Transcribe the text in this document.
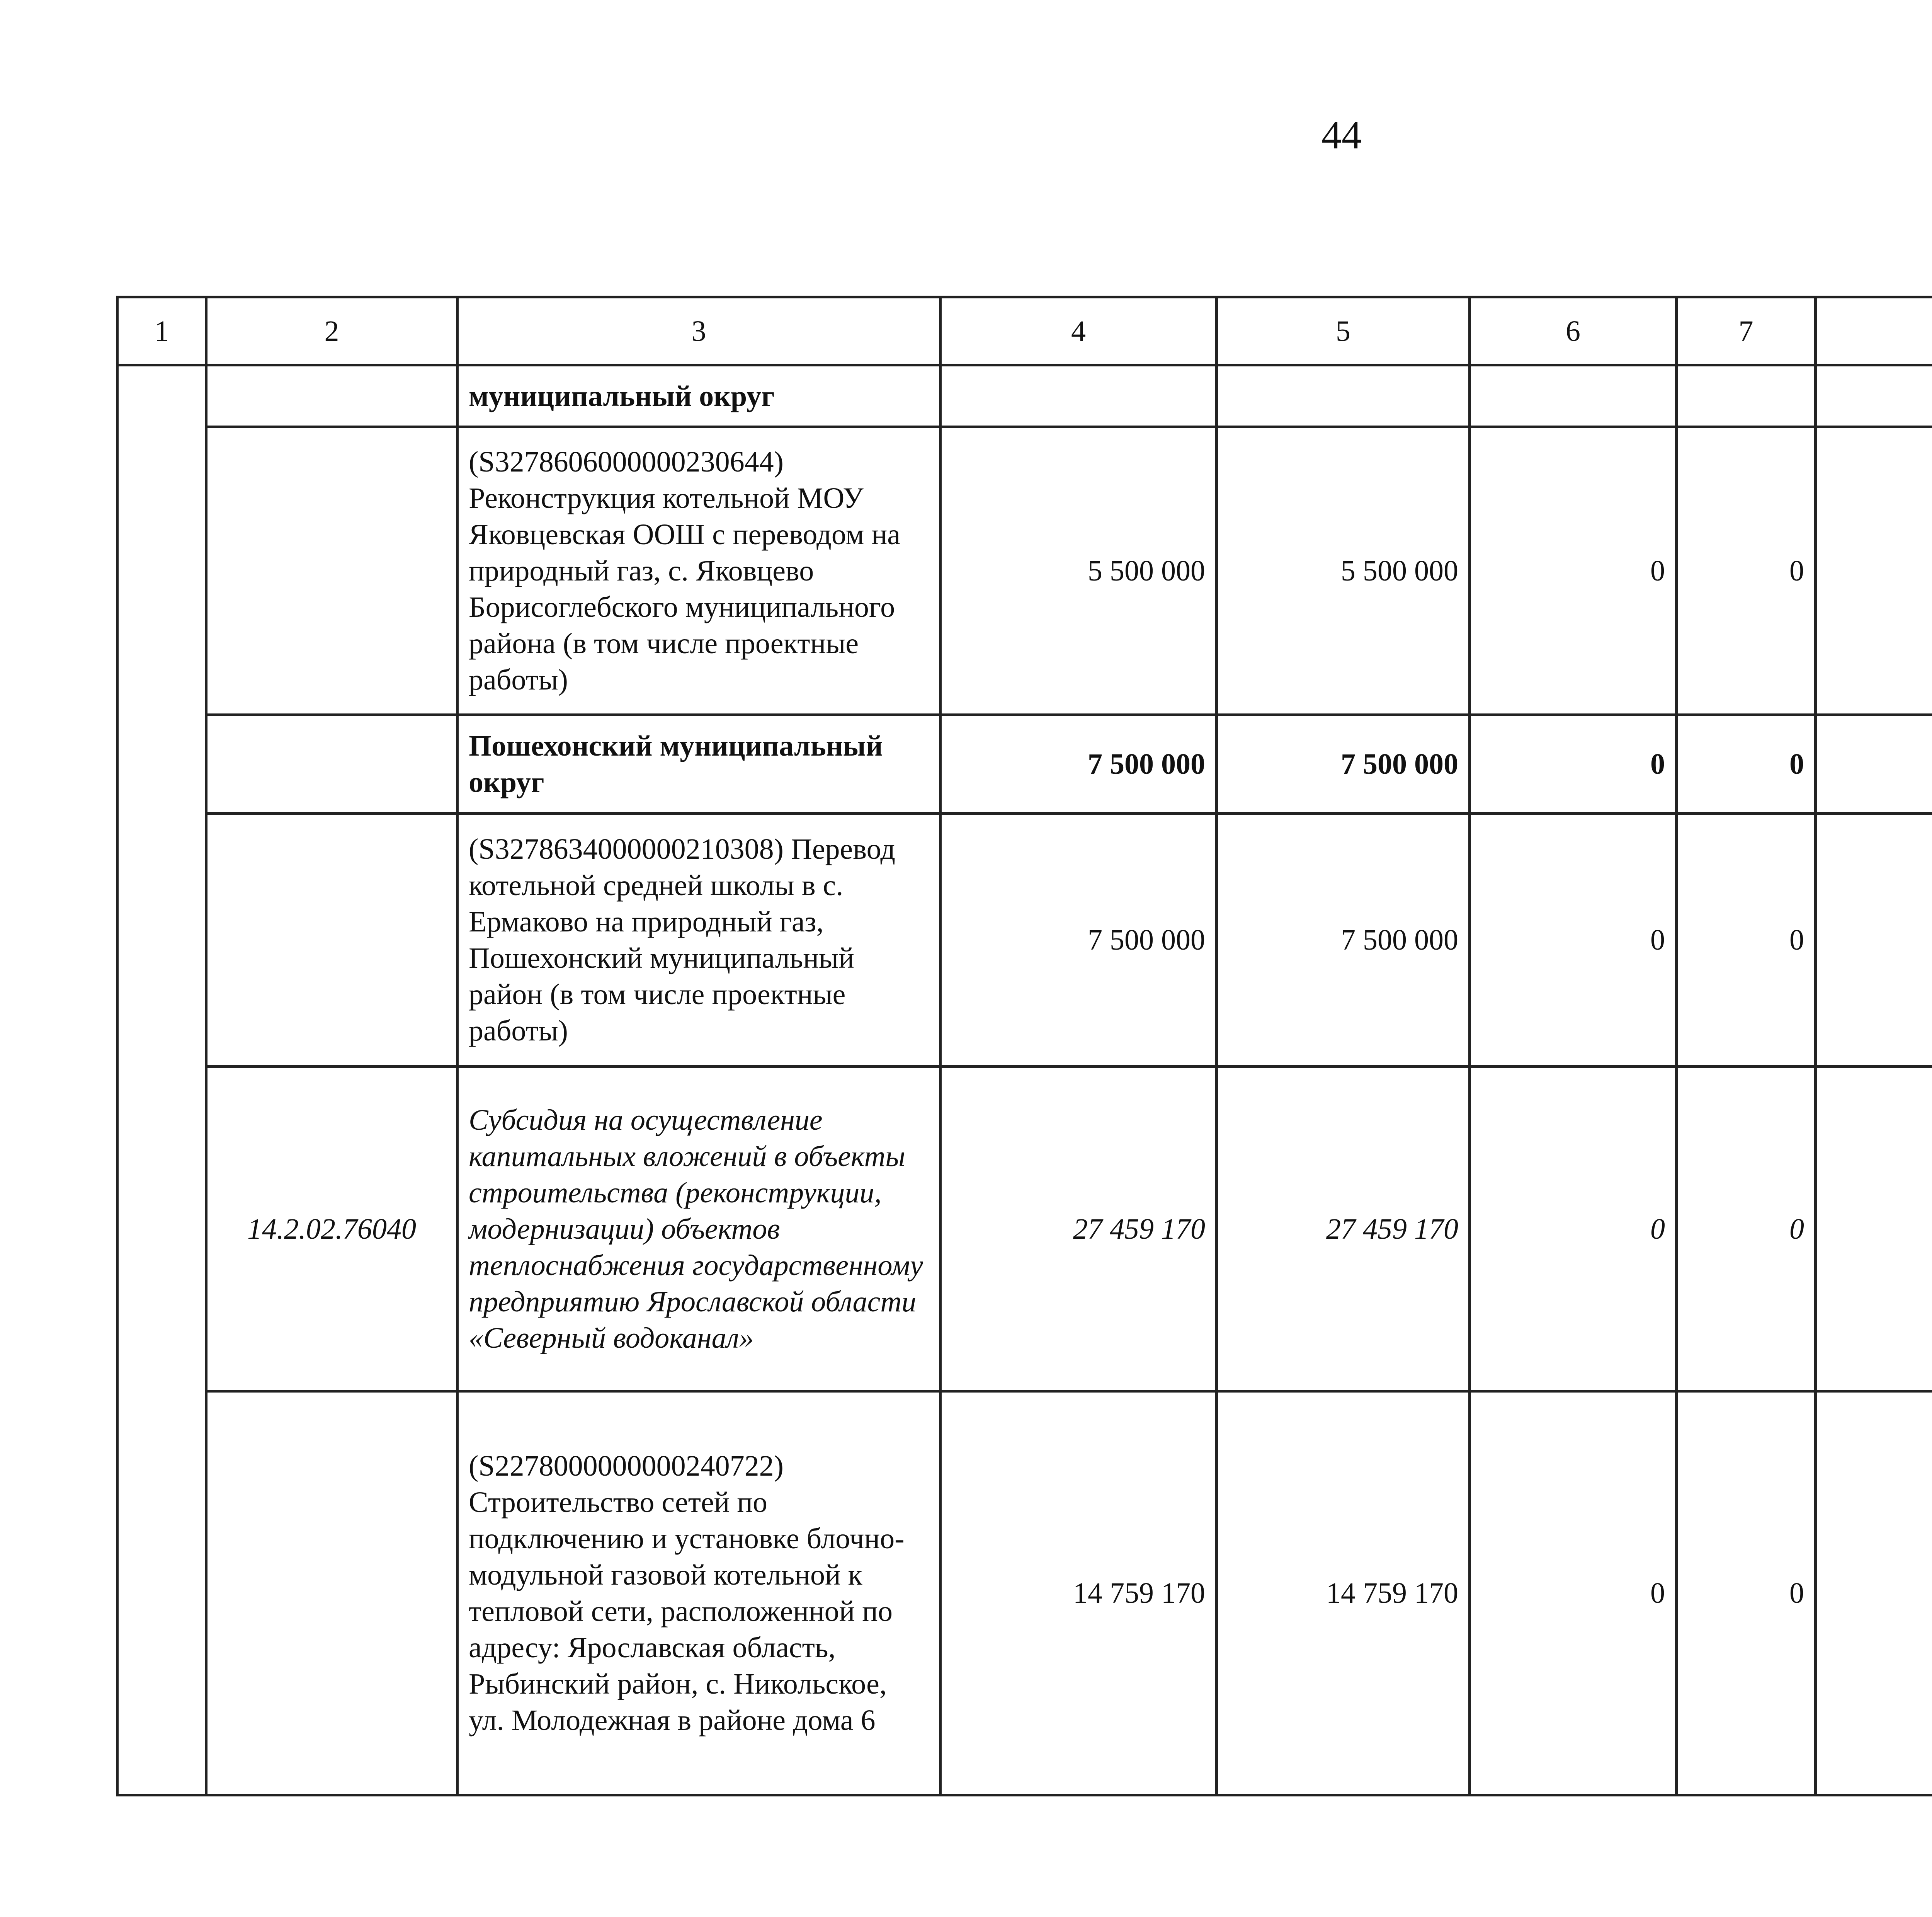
44
1	2	3	4	5	6	7				
		муниципальный округ								
		(S3278606000000230644) Реконструкция котельной МОУ Яковцевская ООШ с переводом на природный газ, с. Яковцево Борисоглебского муниципального района (в том числе проектные работы)	5 500 000	5 500 000	0	0				
		Пошехонский муниципальный округ	7 500 000	7 500 000	0	0				
		(S3278634000000210308) Перевод котельной средней школы в с. Ермаково на природный газ, Пошехонский муниципальный район (в том числе проектные работы)	7 500 000	7 500 000	0	0				
	14.2.02.76040	Субсидия на осуществление капитальных вложений в объекты строительства (реконструкции, модернизации) объектов теплоснабжения государственному предприятию Ярославской области «Северный водоканал»	27 459 170	27 459 170	0	0				
		(S2278000000000240722) Строительство сетей по подключению и установке блочно-модульной газовой котельной к тепловой сети, расположенной по адресу: Ярославская область, Рыбинский район, с. Никольское, ул. Молодежная в районе дома 6	14 759 170	14 759 170	0	0				
